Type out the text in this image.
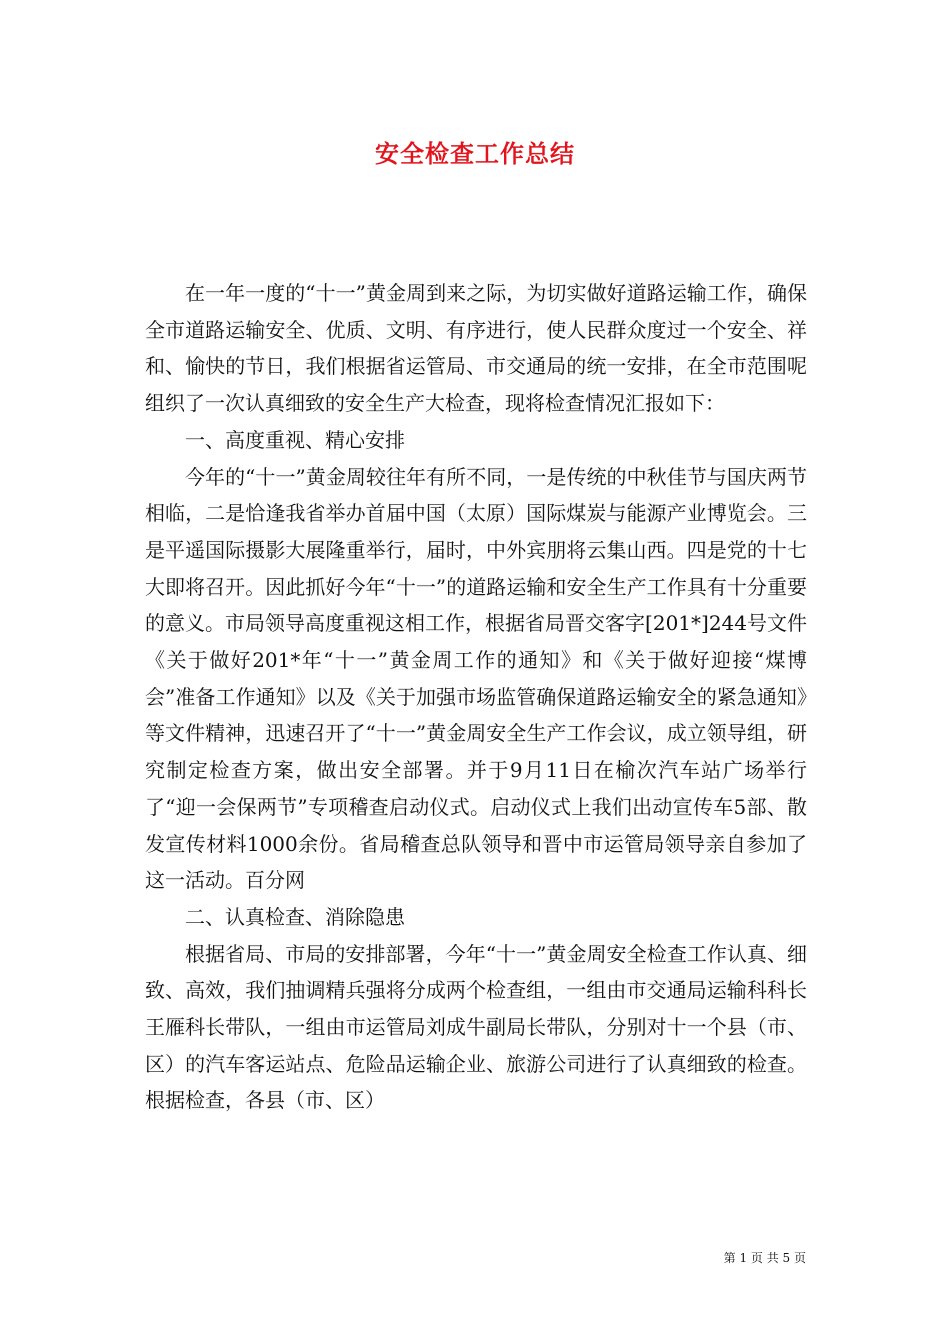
安全检查工作总结

在一年一度的“十一”黄金周到来之际，为切实做好道路运输工作，确保全市道路运输安全、优质、文明、有序进行，使人民群众度过一个安全、祥和、愉快的节日，我们根据省运管局、市交通局的统一安排，在全市范围呢组织了一次认真细致的安全生产大检查，现将检查情况汇报如下：

一、高度重视、精心安排

今年的“十一”黄金周较往年有所不同，一是传统的中秋佳节与国庆两节相临，二是恰逢我省举办首届中国（太原）国际煤炭与能源产业博览会。三是平遥国际摄影大展隆重举行，届时，中外宾朋将云集山西。四是党的十七大即将召开。因此抓好今年“十一”的道路运输和安全生产工作具有十分重要的意义。市局领导高度重视这相工作，根据省局晋交客字[201*]244号文件《关于做好201*年“十一”黄金周工作的通知》和《关于做好迎接“煤博会”准备工作通知》以及《关于加强市场监管确保道路运输安全的紧急通知》等文件精神，迅速召开了“十一”黄金周安全生产工作会议，成立领导组，研究制定检查方案，做出安全部署。并于9月11日在榆次汽车站广场举行了“迎一会保两节”专项稽查启动仪式。启动仪式上我们出动宣传车5部、散发宣传材料1000余份。省局稽查总队领导和晋中市运管局领导亲自参加了这一活动。百分网

二、认真检查、消除隐患

根据省局、市局的安排部署，今年“十一”黄金周安全检查工作认真、细致、高效，我们抽调精兵强将分成两个检查组，一组由市交通局运输科科长王雁科长带队，一组由市运管局刘成牛副局长带队，分别对十一个县（市、区）的汽车客运站点、危险品运输企业、旅游公司进行了认真细致的检查。根据检查，各县（市、区）

第 1 页 共 5 页
